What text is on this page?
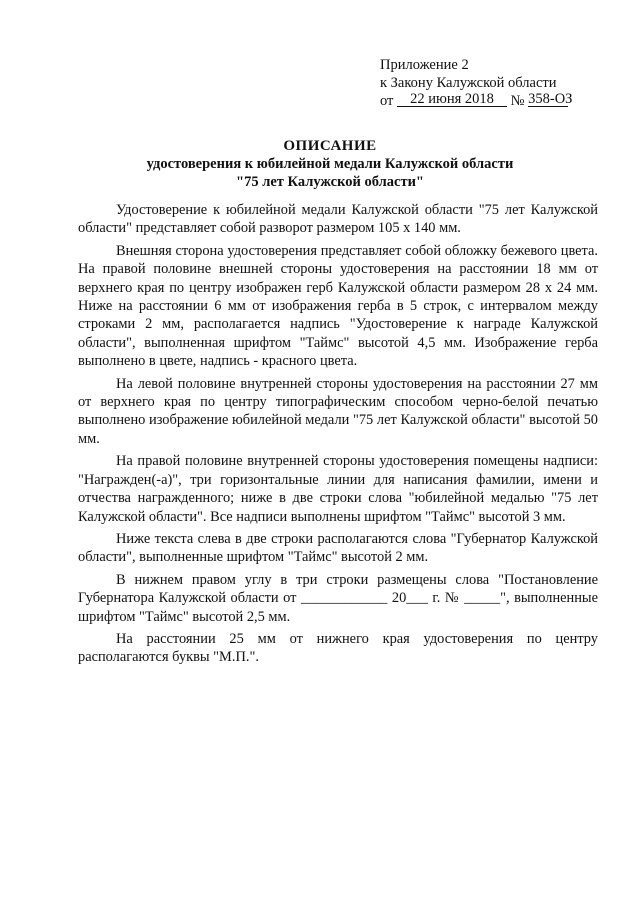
Приложение 2
к Закону Калужской области
от 22 июня 2018 № 358-ОЗ
ОПИСАНИЕ
удостоверения к юбилейной медали Калужской области
"75 лет Калужской области"

Удостоверение к юбилейной медали Калужской области "75 лет Калужской области" представляет собой разворот размером 105 х 140 мм.

Внешняя сторона удостоверения представляет собой обложку бежевого цвета. На правой половине внешней стороны удостоверения на расстоянии 18 мм от верхнего края по центру изображен герб Калужской области размером 28 х 24 мм. Ниже на расстоянии 6 мм от изображения герба в 5 строк, с интервалом между строками 2 мм, располагается надпись "Удостоверение к награде Калужской области", выполненная шрифтом "Таймс" высотой 4,5 мм. Изображение герба выполнено в цвете, надпись - красного цвета.

На левой половине внутренней стороны удостоверения на расстоянии 27 мм от верхнего края по центру типографическим способом черно-белой печатью выполнено изображение юбилейной медали "75 лет Калужской области" высотой 50 мм.

На правой половине внутренней стороны удостоверения помещены надписи: "Награжден(-а)", три горизонтальные линии для написания фамилии, имени и отчества награжденного; ниже в две строки слова "юбилейной медалью "75 лет Калужской области". Все надписи выполнены шрифтом "Таймс" высотой 3 мм.

Ниже текста слева в две строки располагаются слова "Губернатор Калужской области", выполненные шрифтом "Таймс" высотой 2 мм.

В нижнем правом углу в три строки размещены слова "Постановление Губернатора Калужской области от ____________ 20___ г. № _____", выполненные шрифтом "Таймс" высотой 2,5 мм.

На расстоянии 25 мм от нижнего края удостоверения по центру располагаются буквы "М.П.".
